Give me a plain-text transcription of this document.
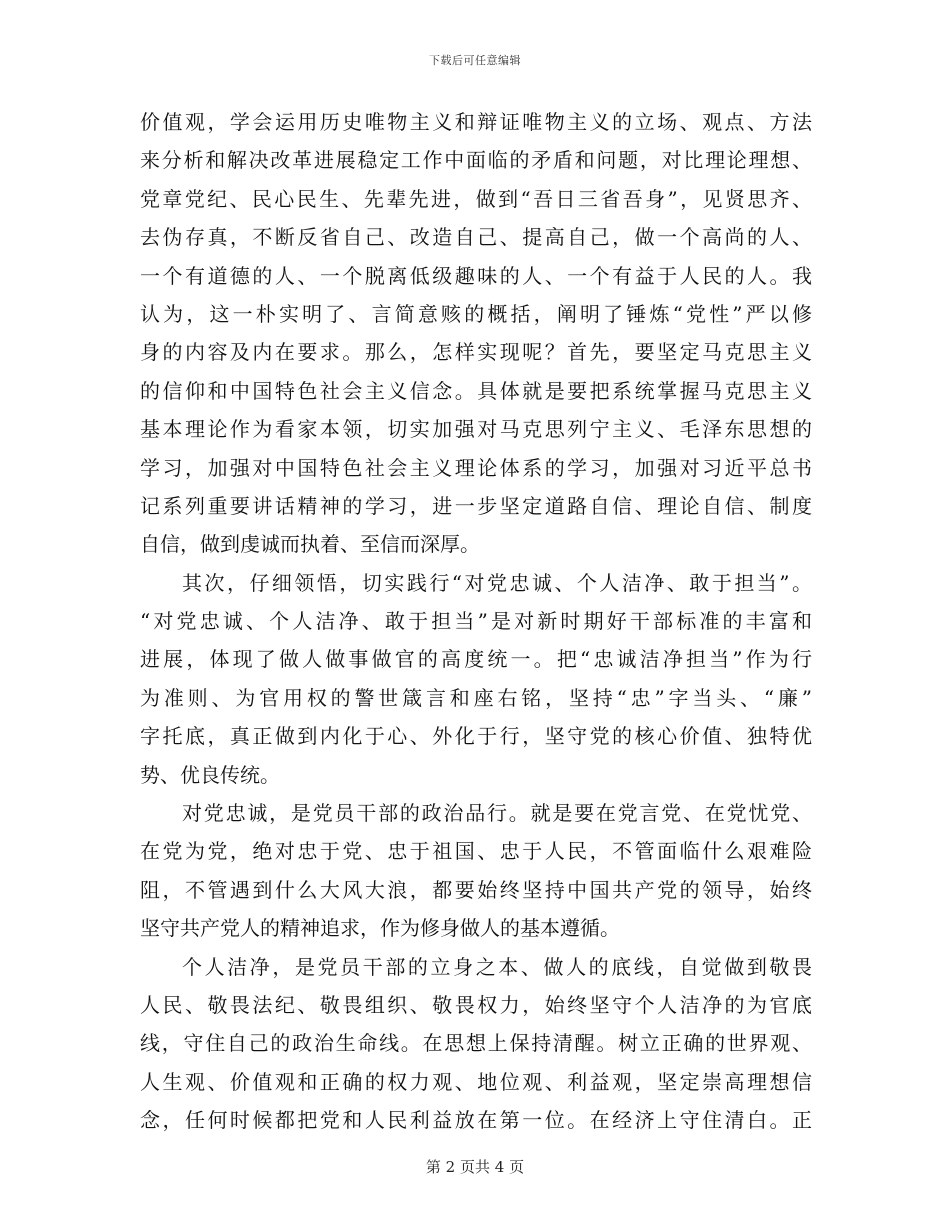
下载后可任意编辑
价值观，学会运用历史唯物主义和辩证唯物主义的立场、观点、方法
来分析和解决改革进展稳定工作中面临的矛盾和问题，对比理论理想、
党章党纪、民心民生、先辈先进，做到“吾日三省吾身”，见贤思齐、
去伪存真，不断反省自己、改造自己、提高自己，做一个高尚的人、
一个有道德的人、一个脱离低级趣味的人、一个有益于人民的人。我
认为，这一朴实明了、言简意赅的概括，阐明了锤炼“党性”严以修
身的内容及内在要求。那么，怎样实现呢？首先，要坚定马克思主义
的信仰和中国特色社会主义信念。具体就是要把系统掌握马克思主义
基本理论作为看家本领，切实加强对马克思列宁主义、毛泽东思想的
学习，加强对中国特色社会主义理论体系的学习，加强对习近平总书
记系列重要讲话精神的学习，进一步坚定道路自信、理论自信、制度
自信，做到虔诚而执着、至信而深厚。
其次，仔细领悟，切实践行“对党忠诚、个人洁净、敢于担当”。
“对党忠诚、个人洁净、敢于担当”是对新时期好干部标准的丰富和
进展，体现了做人做事做官的高度统一。把“忠诚洁净担当”作为行
为准则、为官用权的警世箴言和座右铭，坚持“忠”字当头、“廉”
字托底，真正做到内化于心、外化于行，坚守党的核心价值、独特优
势、优良传统。
对党忠诚，是党员干部的政治品行。就是要在党言党、在党忧党、
在党为党，绝对忠于党、忠于祖国、忠于人民，不管面临什么艰难险
阻，不管遇到什么大风大浪，都要始终坚持中国共产党的领导，始终
坚守共产党人的精神追求，作为修身做人的基本遵循。
个人洁净，是党员干部的立身之本、做人的底线，自觉做到敬畏
人民、敬畏法纪、敬畏组织、敬畏权力，始终坚守个人洁净的为官底
线，守住自己的政治生命线。在思想上保持清醒。树立正确的世界观、
人生观、价值观和正确的权力观、地位观、利益观，坚定崇高理想信
念，任何时候都把党和人民利益放在第一位。在经济上守住清白。正
第 2 页共 4 页
